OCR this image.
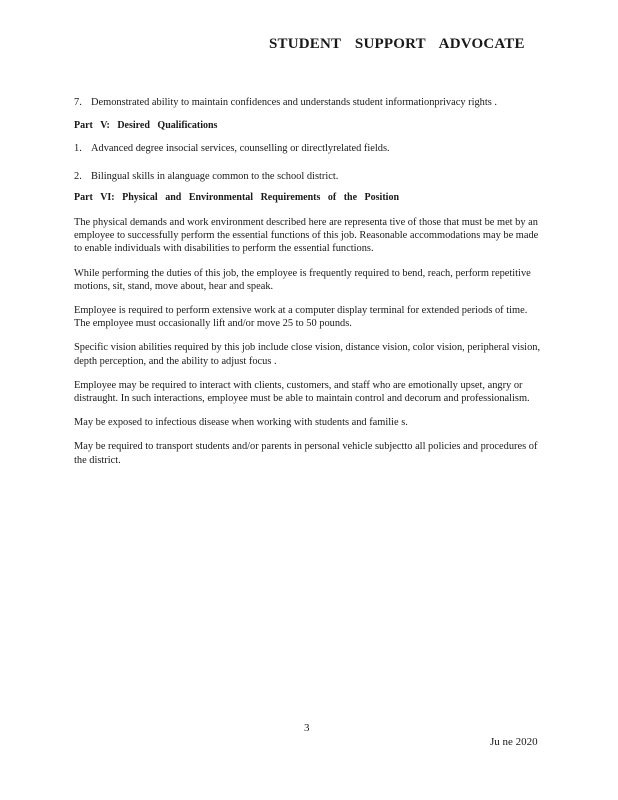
STUDENT SUPPORT ADVOCATE
7. Demonstrated ability to maintain confidences and understands student informationprivacy rights .
Part V: Desired Qualifications
1. Advanced degree insocial services, counselling or directlyrelated fields.
2. Bilingual skills in alanguage common to the school district.
Part VI: Physical and Environmental Requirements of the Position

The physical demands and work environment described here are representa tive of those that must be met by an employee to successfully perform the essential functions of this job. Reasonable accommodations may be made to enable individuals with disabilities to perform the essential functions.

While performing the duties of this job, the employee is frequently required to bend, reach, perform repetitive motions, sit, stand, move about, hear and speak.

Employee is required to perform extensive work at a computer display terminal for extended periods of time. The employee must occasionally lift and/or move 25 to 50 pounds.

Specific vision abilities required by this job include close vision, distance vision, color vision, peripheral vision, depth perception, and the ability to adjust focus .

Employee may be required to interact with clients, customers, and staff who are emotionally upset, angry or distraught. In such interactions, employee must be able to maintain control and decorum and professionalism.

May be exposed to infectious disease when working with students and familie s.

May be required to transport students and/or parents in personal vehicle subjectto all policies and procedures of the district.

3
Ju ne 2020
